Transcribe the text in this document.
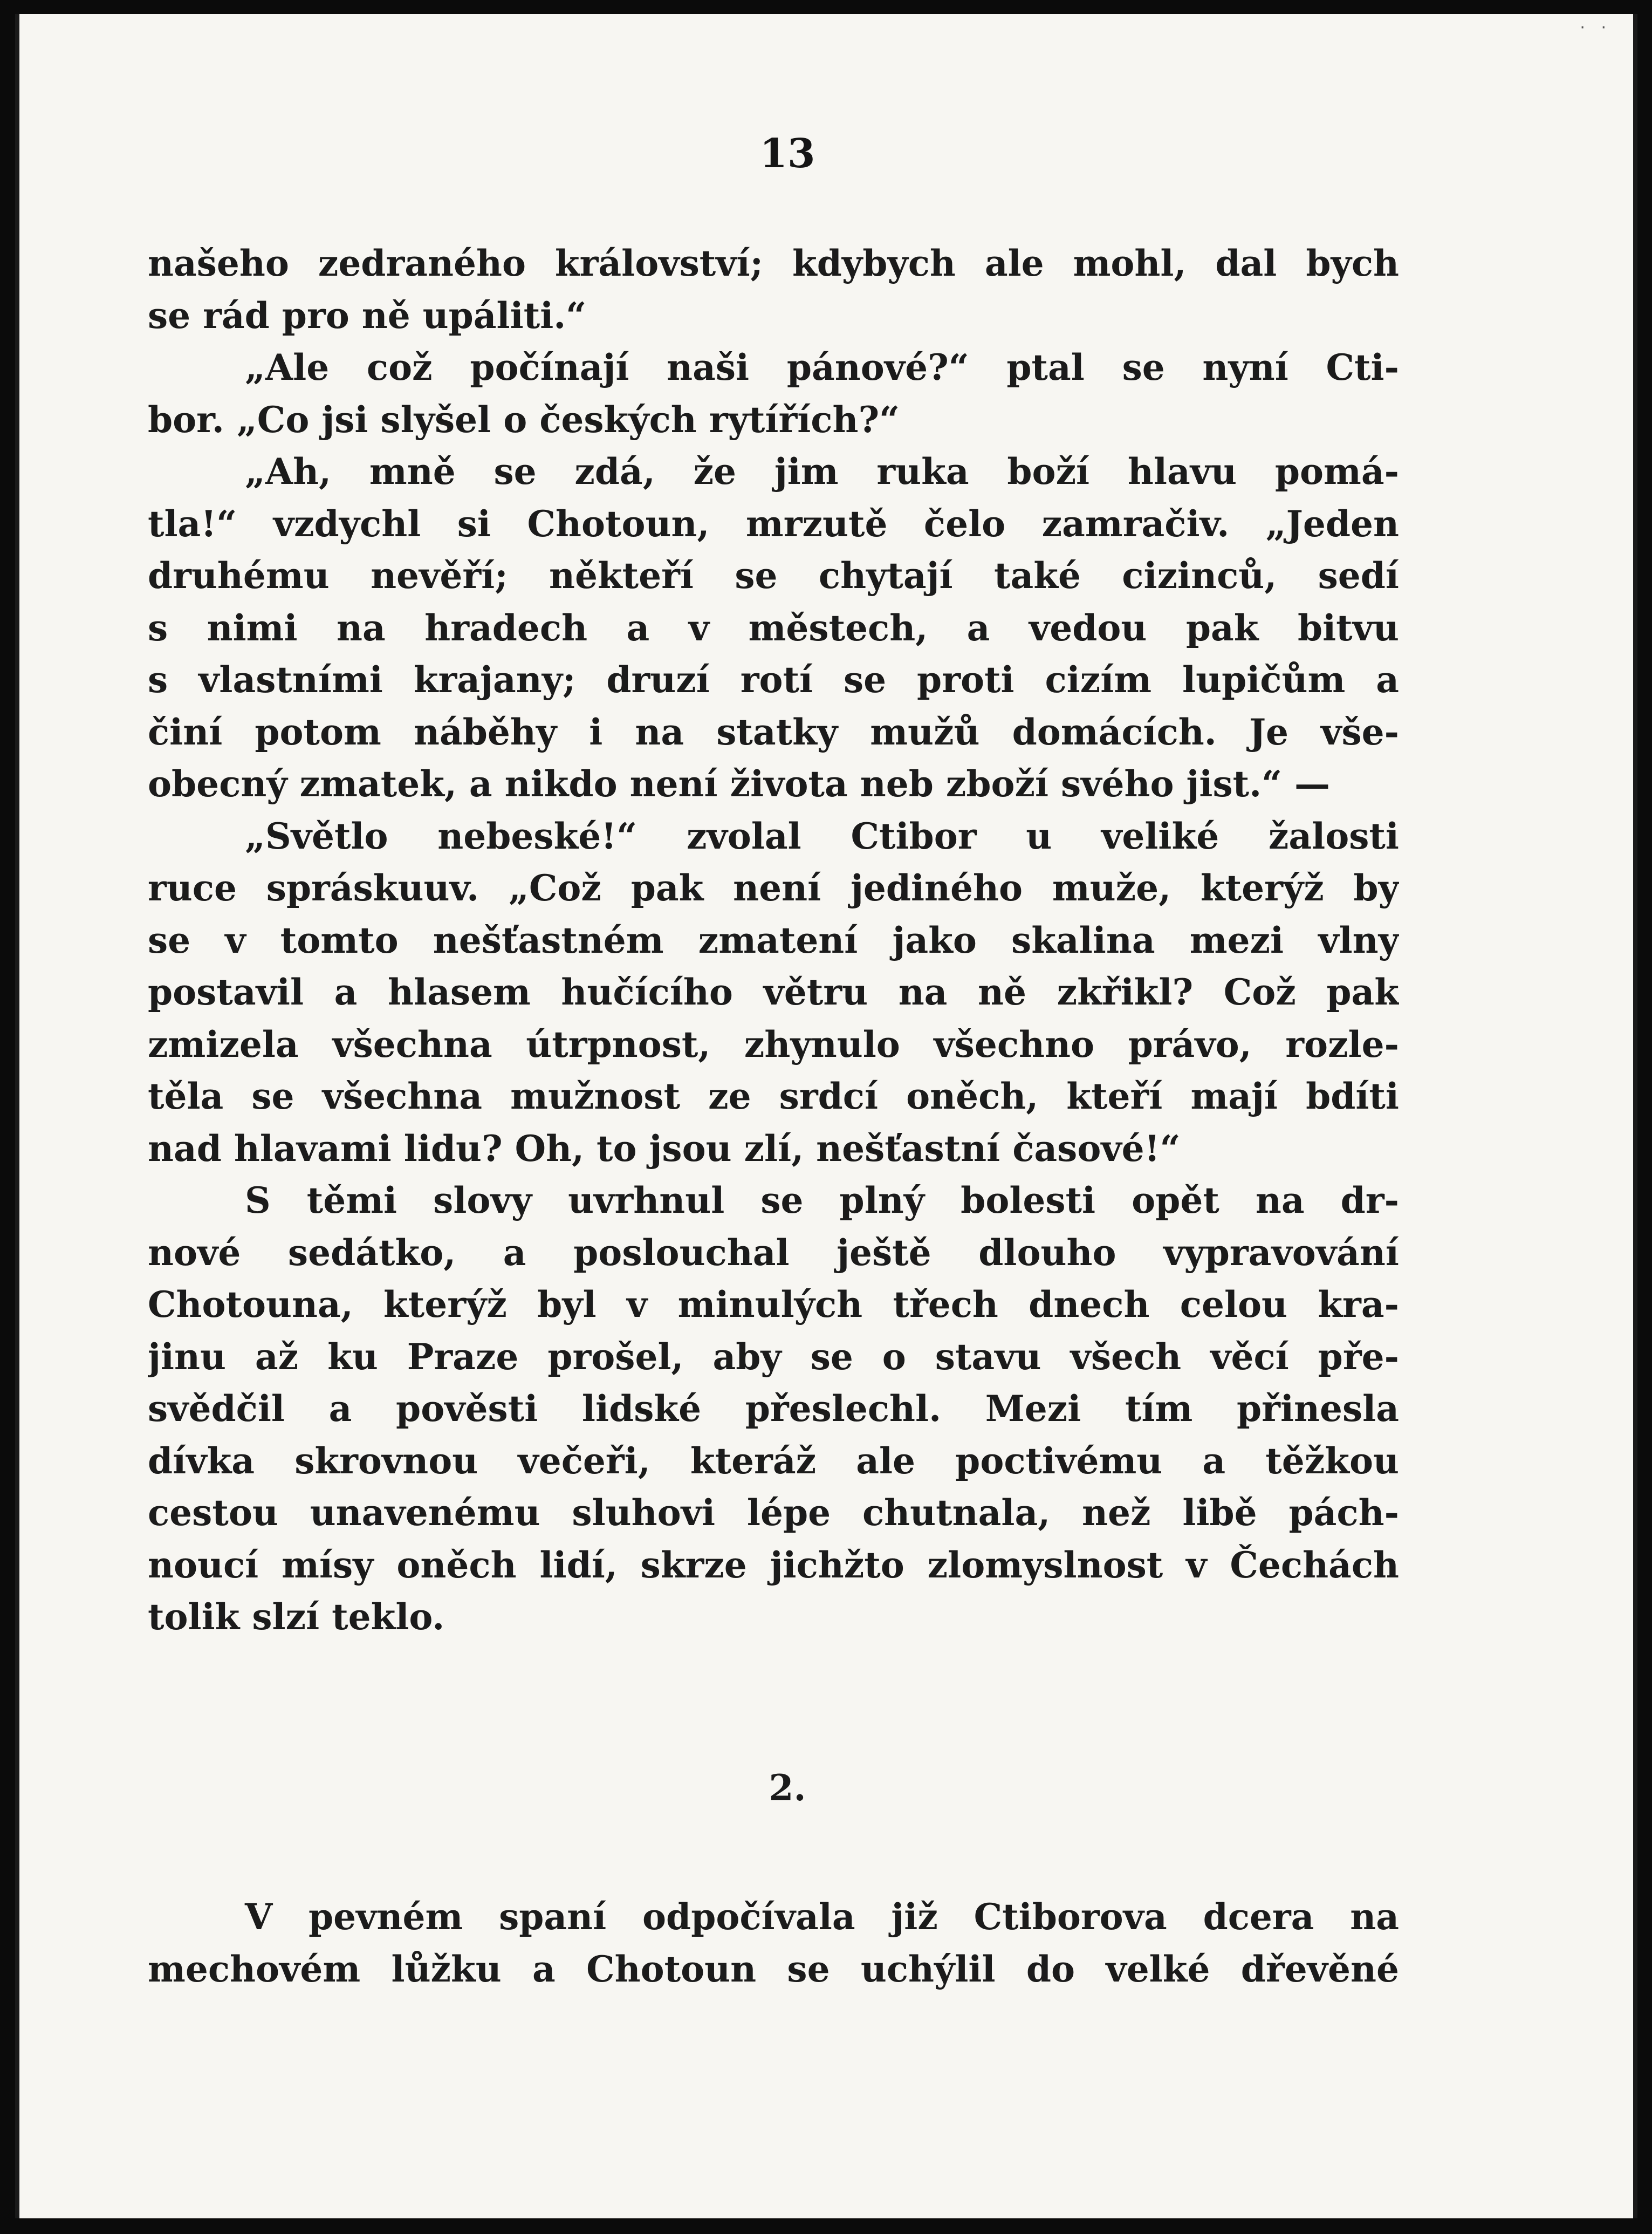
· ·
13
našeho zedraného království; kdybych ale mohl, dal bych
se rád pro ně upáliti.“
„Ale což počínají naši pánové?“ ptal se nyní Cti-
bor. „Co jsi slyšel o českých rytířích?“
„Ah, mně se zdá, že jim ruka boží hlavu pomá-
tla!“ vzdychl si Chotoun, mrzutě čelo zamračiv. „Jeden
druhému nevěří; někteří se chytají také cizinců, sedí
s nimi na hradech a v městech, a vedou pak bitvu
s vlastními krajany; druzí rotí se proti cizím lupičům a
činí potom náběhy i na statky mužů domácích. Je vše-
obecný zmatek, a nikdo není života neb zboží svého jist.“ —
„Světlo nebeské!“ zvolal Ctibor u veliké žalosti
ruce spráskuuv. „Což pak není jediného muže, kterýž by
se v tomto nešťastném zmatení jako skalina mezi vlny
postavil a hlasem hučícího větru na ně zkřikl? Což pak
zmizela všechna útrpnost, zhynulo všechno právo, rozle-
těla se všechna mužnost ze srdcí oněch, kteří mají bdíti
nad hlavami lidu? Oh, to jsou zlí, nešťastní časové!“
S těmi slovy uvrhnul se plný bolesti opět na dr-
nové sedátko, a poslouchal ještě dlouho vypravování
Chotouna, kterýž byl v minulých třech dnech celou kra-
jinu až ku Praze prošel, aby se o stavu všech věcí pře-
svědčil a pověsti lidské přeslechl. Mezi tím přinesla
dívka skrovnou večeři, kteráž ale poctivému a těžkou
cestou unavenému sluhovi lépe chutnala, než libě pách-
noucí mísy oněch lidí, skrze jichžto zlomyslnost v Čechách
tolik slzí teklo.
2.
V pevném spaní odpočívala již Ctiborova dcera na
mechovém lůžku a Chotoun se uchýlil do velké dřevěné
